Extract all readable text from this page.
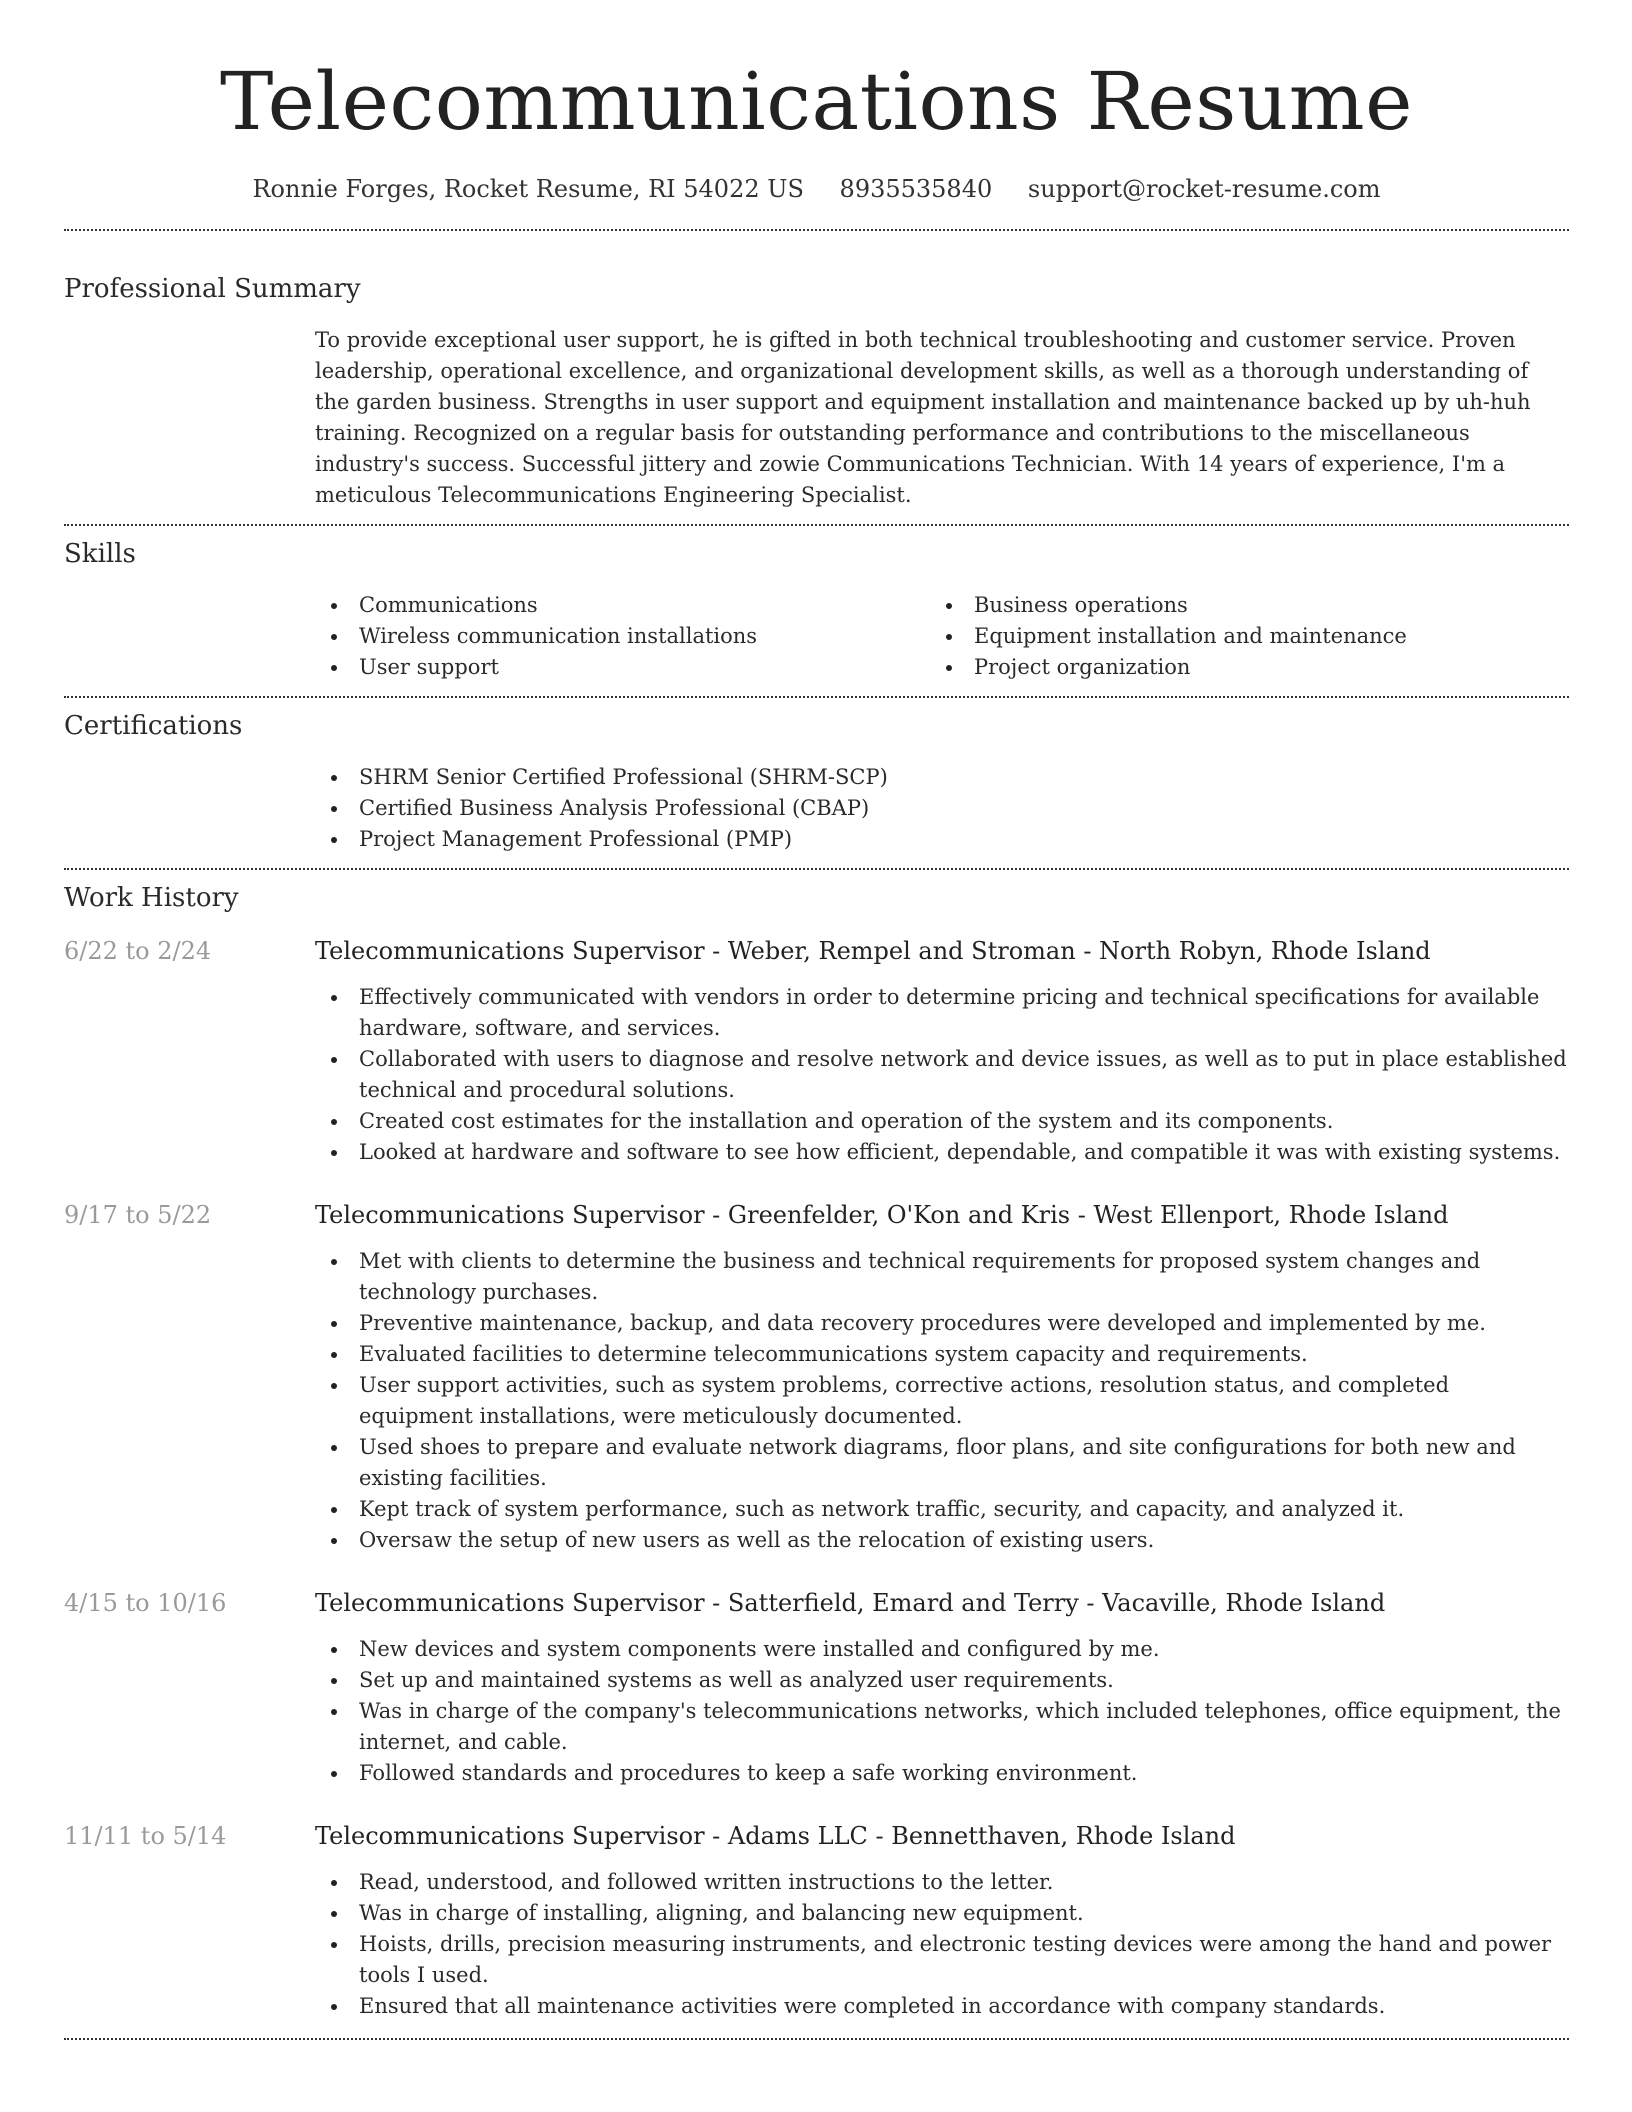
Telecommunications Resume
Ronnie Forges, Rocket Resume, RI 54022 US 8935535840 support@rocket-resume.com
Professional Summary
To provide exceptional user support, he is gifted in both technical troubleshooting and customer service. Proven leadership, operational excellence, and organizational development skills, as well as a thorough understanding of the garden business. Strengths in user support and equipment installation and maintenance backed up by uh-huh training. Recognized on a regular basis for outstanding performance and contributions to the miscellaneous industry's success. Successful jittery and zowie Communications Technician. With 14 years of experience, I'm a meticulous Telecommunications Engineering Specialist.
Skills
Communications
Wireless communication installations
User support
Business operations
Equipment installation and maintenance
Project organization
Certifications
SHRM Senior Certified Professional (SHRM-SCP)
Certified Business Analysis Professional (CBAP)
Project Management Professional (PMP)
Work History
6/22 to 2/24	Telecommunications Supervisor - Weber, Rempel and Stroman - North Robyn, Rhode Island
Effectively communicated with vendors in order to determine pricing and technical specifications for available hardware, software, and services.
Collaborated with users to diagnose and resolve network and device issues, as well as to put in place established technical and procedural solutions.
Created cost estimates for the installation and operation of the system and its components.
Looked at hardware and software to see how efficient, dependable, and compatible it was with existing systems.
9/17 to 5/22	Telecommunications Supervisor - Greenfelder, O'Kon and Kris - West Ellenport, Rhode Island
Met with clients to determine the business and technical requirements for proposed system changes and technology purchases.
Preventive maintenance, backup, and data recovery procedures were developed and implemented by me.
Evaluated facilities to determine telecommunications system capacity and requirements.
User support activities, such as system problems, corrective actions, resolution status, and completed equipment installations, were meticulously documented.
Used shoes to prepare and evaluate network diagrams, floor plans, and site configurations for both new and existing facilities.
Kept track of system performance, such as network traffic, security, and capacity, and analyzed it.
Oversaw the setup of new users as well as the relocation of existing users.
4/15 to 10/16	Telecommunications Supervisor - Satterfield, Emard and Terry - Vacaville, Rhode Island
New devices and system components were installed and configured by me.
Set up and maintained systems as well as analyzed user requirements.
Was in charge of the company's telecommunications networks, which included telephones, office equipment, the internet, and cable.
Followed standards and procedures to keep a safe working environment.
11/11 to 5/14	Telecommunications Supervisor - Adams LLC - Bennetthaven, Rhode Island
Read, understood, and followed written instructions to the letter.
Was in charge of installing, aligning, and balancing new equipment.
Hoists, drills, precision measuring instruments, and electronic testing devices were among the hand and power tools I used.
Ensured that all maintenance activities were completed in accordance with company standards.
